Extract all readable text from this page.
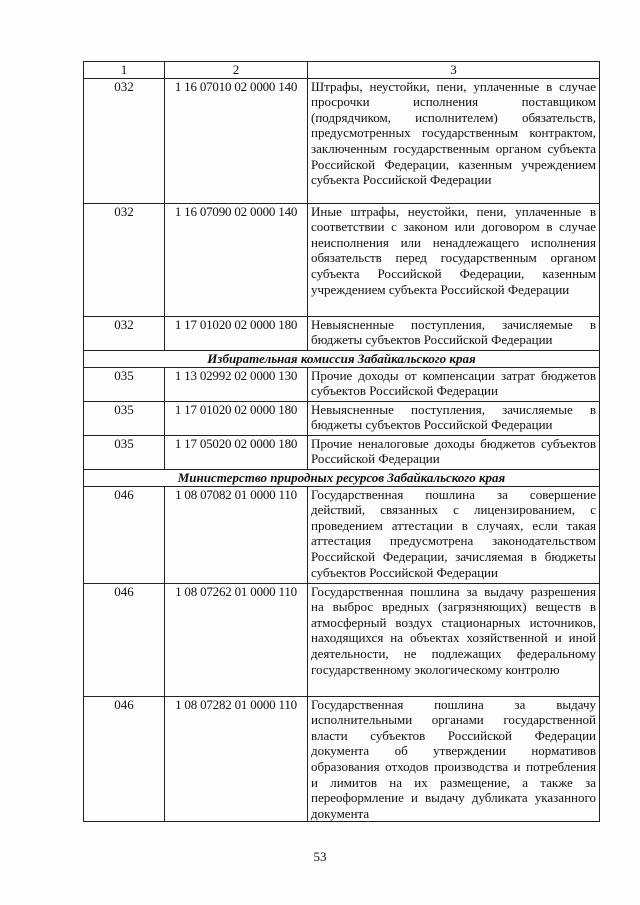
1	2	3
032	1 16 07010 02 0000 140	Штрафы, неустойки, пени, уплаченные в случае просрочки исполнения поставщиком (подрядчиком, исполнителем) обязательств, предусмотренных государственным контрактом, заключенным государственным органом субъекта Российской Федерации, казенным учреждением субъекта Российской Федерации
032	1 16 07090 02 0000 140	Иные штрафы, неустойки, пени, уплаченные в соответствии с законом или договором в случае неисполнения или ненадлежащего исполнения обязательств перед государственным органом субъекта Российской Федерации, казенным учреждением субъекта Российской Федерации
032	1 17 01020 02 0000 180	Невыясненные поступления, зачисляемые в бюджеты субъектов Российской Федерации
Избирательная комиссия Забайкальского края		
035	1 13 02992 02 0000 130	Прочие доходы от компенсации затрат бюджетов субъектов Российской Федерации
035	1 17 01020 02 0000 180	Невыясненные поступления, зачисляемые в бюджеты субъектов Российской Федерации
035	1 17 05020 02 0000 180	Прочие неналоговые доходы бюджетов субъектов Российской Федерации
Министерство природных ресурсов Забайкальского края		
046	1 08 07082 01 0000 110	Государственная пошлина за совершение действий, связанных с лицензированием, с проведением аттестации в случаях, если такая аттестация предусмотрена законодательством Российской Федерации, зачисляемая в бюджеты субъектов Российской Федерации
046	1 08 07262 01 0000 110	Государственная пошлина за выдачу разрешения на выброс вредных (загрязняющих) веществ в атмосферный воздух стационарных источников, находящихся на объектах хозяйственной и иной деятельности, не подлежащих федеральному государственному экологическому контролю
046	1 08 07282 01 0000 110	Государственная пошлина за выдачу исполнительными органами государственной власти субъектов Российской Федерации документа об утверждении нормативов образования отходов производства и потребления и лимитов на их размещение, а также за переоформление и выдачу дубликата указанного документа
53
